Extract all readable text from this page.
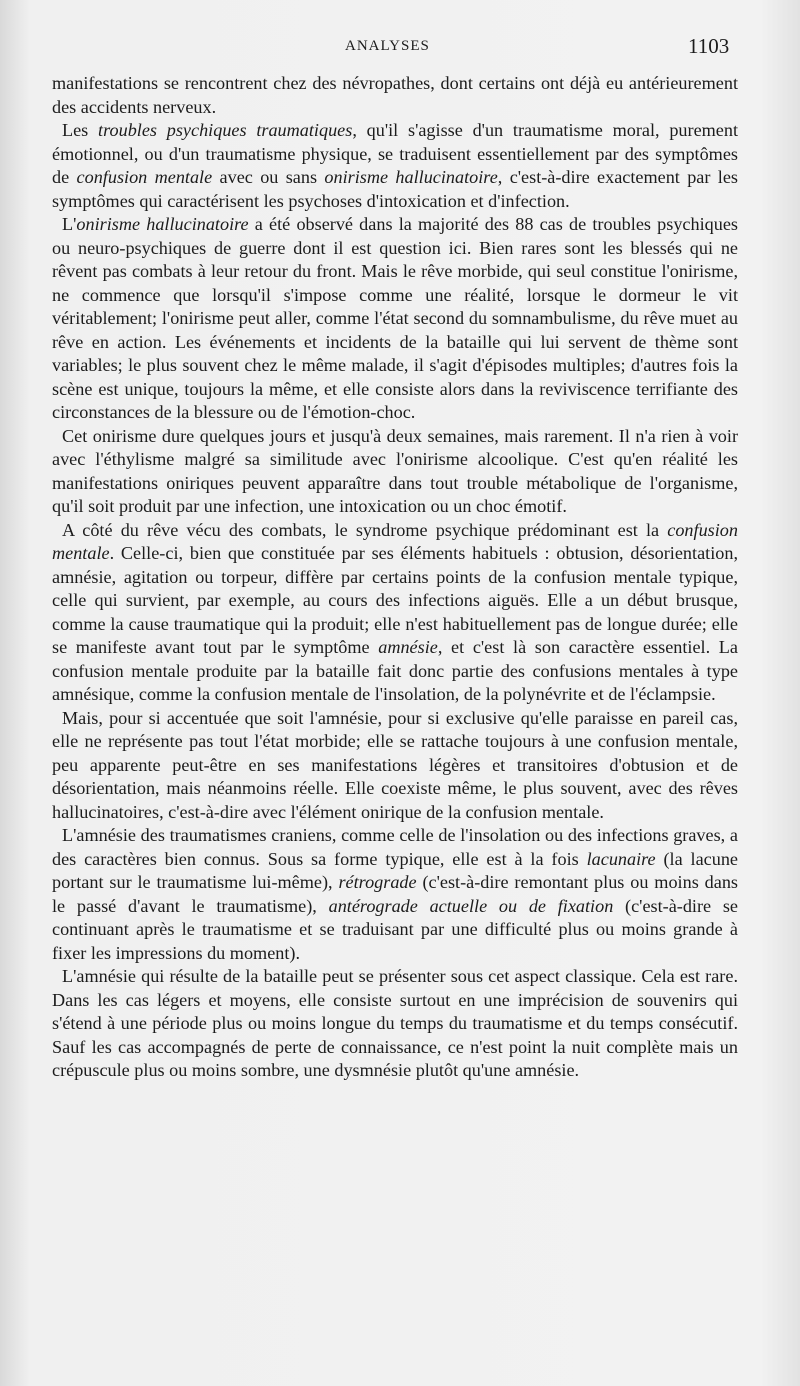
ANALYSES	1103

manifestations se rencontrent chez des névropathes, dont certains ont déjà eu antérieurement des accidents nerveux.

Les troubles psychiques traumatiques, qu'il s'agisse d'un traumatisme moral, purement émotionnel, ou d'un traumatisme physique, se traduisent essentiellement par des symptômes de confusion mentale avec ou sans onirisme hallucinatoire, c'est-à-dire exactement par les symptômes qui caractérisent les psychoses d'intoxication et d'infection.

L'onirisme hallucinatoire a été observé dans la majorité des 88 cas de troubles psychiques ou neuro-psychiques de guerre dont il est question ici. Bien rares sont les blessés qui ne rêvent pas combats à leur retour du front. Mais le rêve morbide, qui seul constitue l'onirisme, ne commence que lorsqu'il s'impose comme une réalité, lorsque le dormeur le vit véritablement; l'onirisme peut aller, comme l'état second du somnambulisme, du rêve muet au rêve en action. Les événements et incidents de la bataille qui lui servent de thème sont variables; le plus souvent chez le même malade, il s'agit d'épisodes multiples; d'autres fois la scène est unique, toujours la même, et elle consiste alors dans la reviviscence terrifiante des circonstances de la blessure ou de l'émotion-choc.

Cet onirisme dure quelques jours et jusqu'à deux semaines, mais rarement. Il n'a rien à voir avec l'éthylisme malgré sa similitude avec l'onirisme alcoolique. C'est qu'en réalité les manifestations oniriques peuvent apparaître dans tout trouble métabolique de l'organisme, qu'il soit produit par une infection, une intoxication ou un choc émotif.

A côté du rêve vécu des combats, le syndrome psychique prédominant est la confusion mentale. Celle-ci, bien que constituée par ses éléments habituels : obtusion, désorientation, amnésie, agitation ou torpeur, diffère par certains points de la confusion mentale typique, celle qui survient, par exemple, au cours des infections aiguës. Elle a un début brusque, comme la cause traumatique qui la produit; elle n'est habituellement pas de longue durée; elle se manifeste avant tout par le symptôme amnésie, et c'est là son caractère essentiel. La confusion mentale produite par la bataille fait donc partie des confusions mentales à type amnésique, comme la confusion mentale de l'insolation, de la polynévrite et de l'éclampsie.

Mais, pour si accentuée que soit l'amnésie, pour si exclusive qu'elle paraisse en pareil cas, elle ne représente pas tout l'état morbide; elle se rattache toujours à une confusion mentale, peu apparente peut-être en ses manifestations légères et transitoires d'obtusion et de désorientation, mais néanmoins réelle. Elle coexiste même, le plus souvent, avec des rêves hallucinatoires, c'est-à-dire avec l'élément onirique de la confusion mentale.

L'amnésie des traumatismes craniens, comme celle de l'insolation ou des infections graves, a des caractères bien connus. Sous sa forme typique, elle est à la fois lacunaire (la lacune portant sur le traumatisme lui-même), rétrograde (c'est-à-dire remontant plus ou moins dans le passé d'avant le traumatisme), antérograde actuelle ou de fixation (c'est-à-dire se continuant après le traumatisme et se traduisant par une difficulté plus ou moins grande à fixer les impressions du moment).

L'amnésie qui résulte de la bataille peut se présenter sous cet aspect classique. Cela est rare. Dans les cas légers et moyens, elle consiste surtout en une imprécision de souvenirs qui s'étend à une période plus ou moins longue du temps du traumatisme et du temps consécutif. Sauf les cas accompagnés de perte de connaissance, ce n'est point la nuit complète mais un crépuscule plus ou moins sombre, une dysmnésie plutôt qu'une amnésie.
